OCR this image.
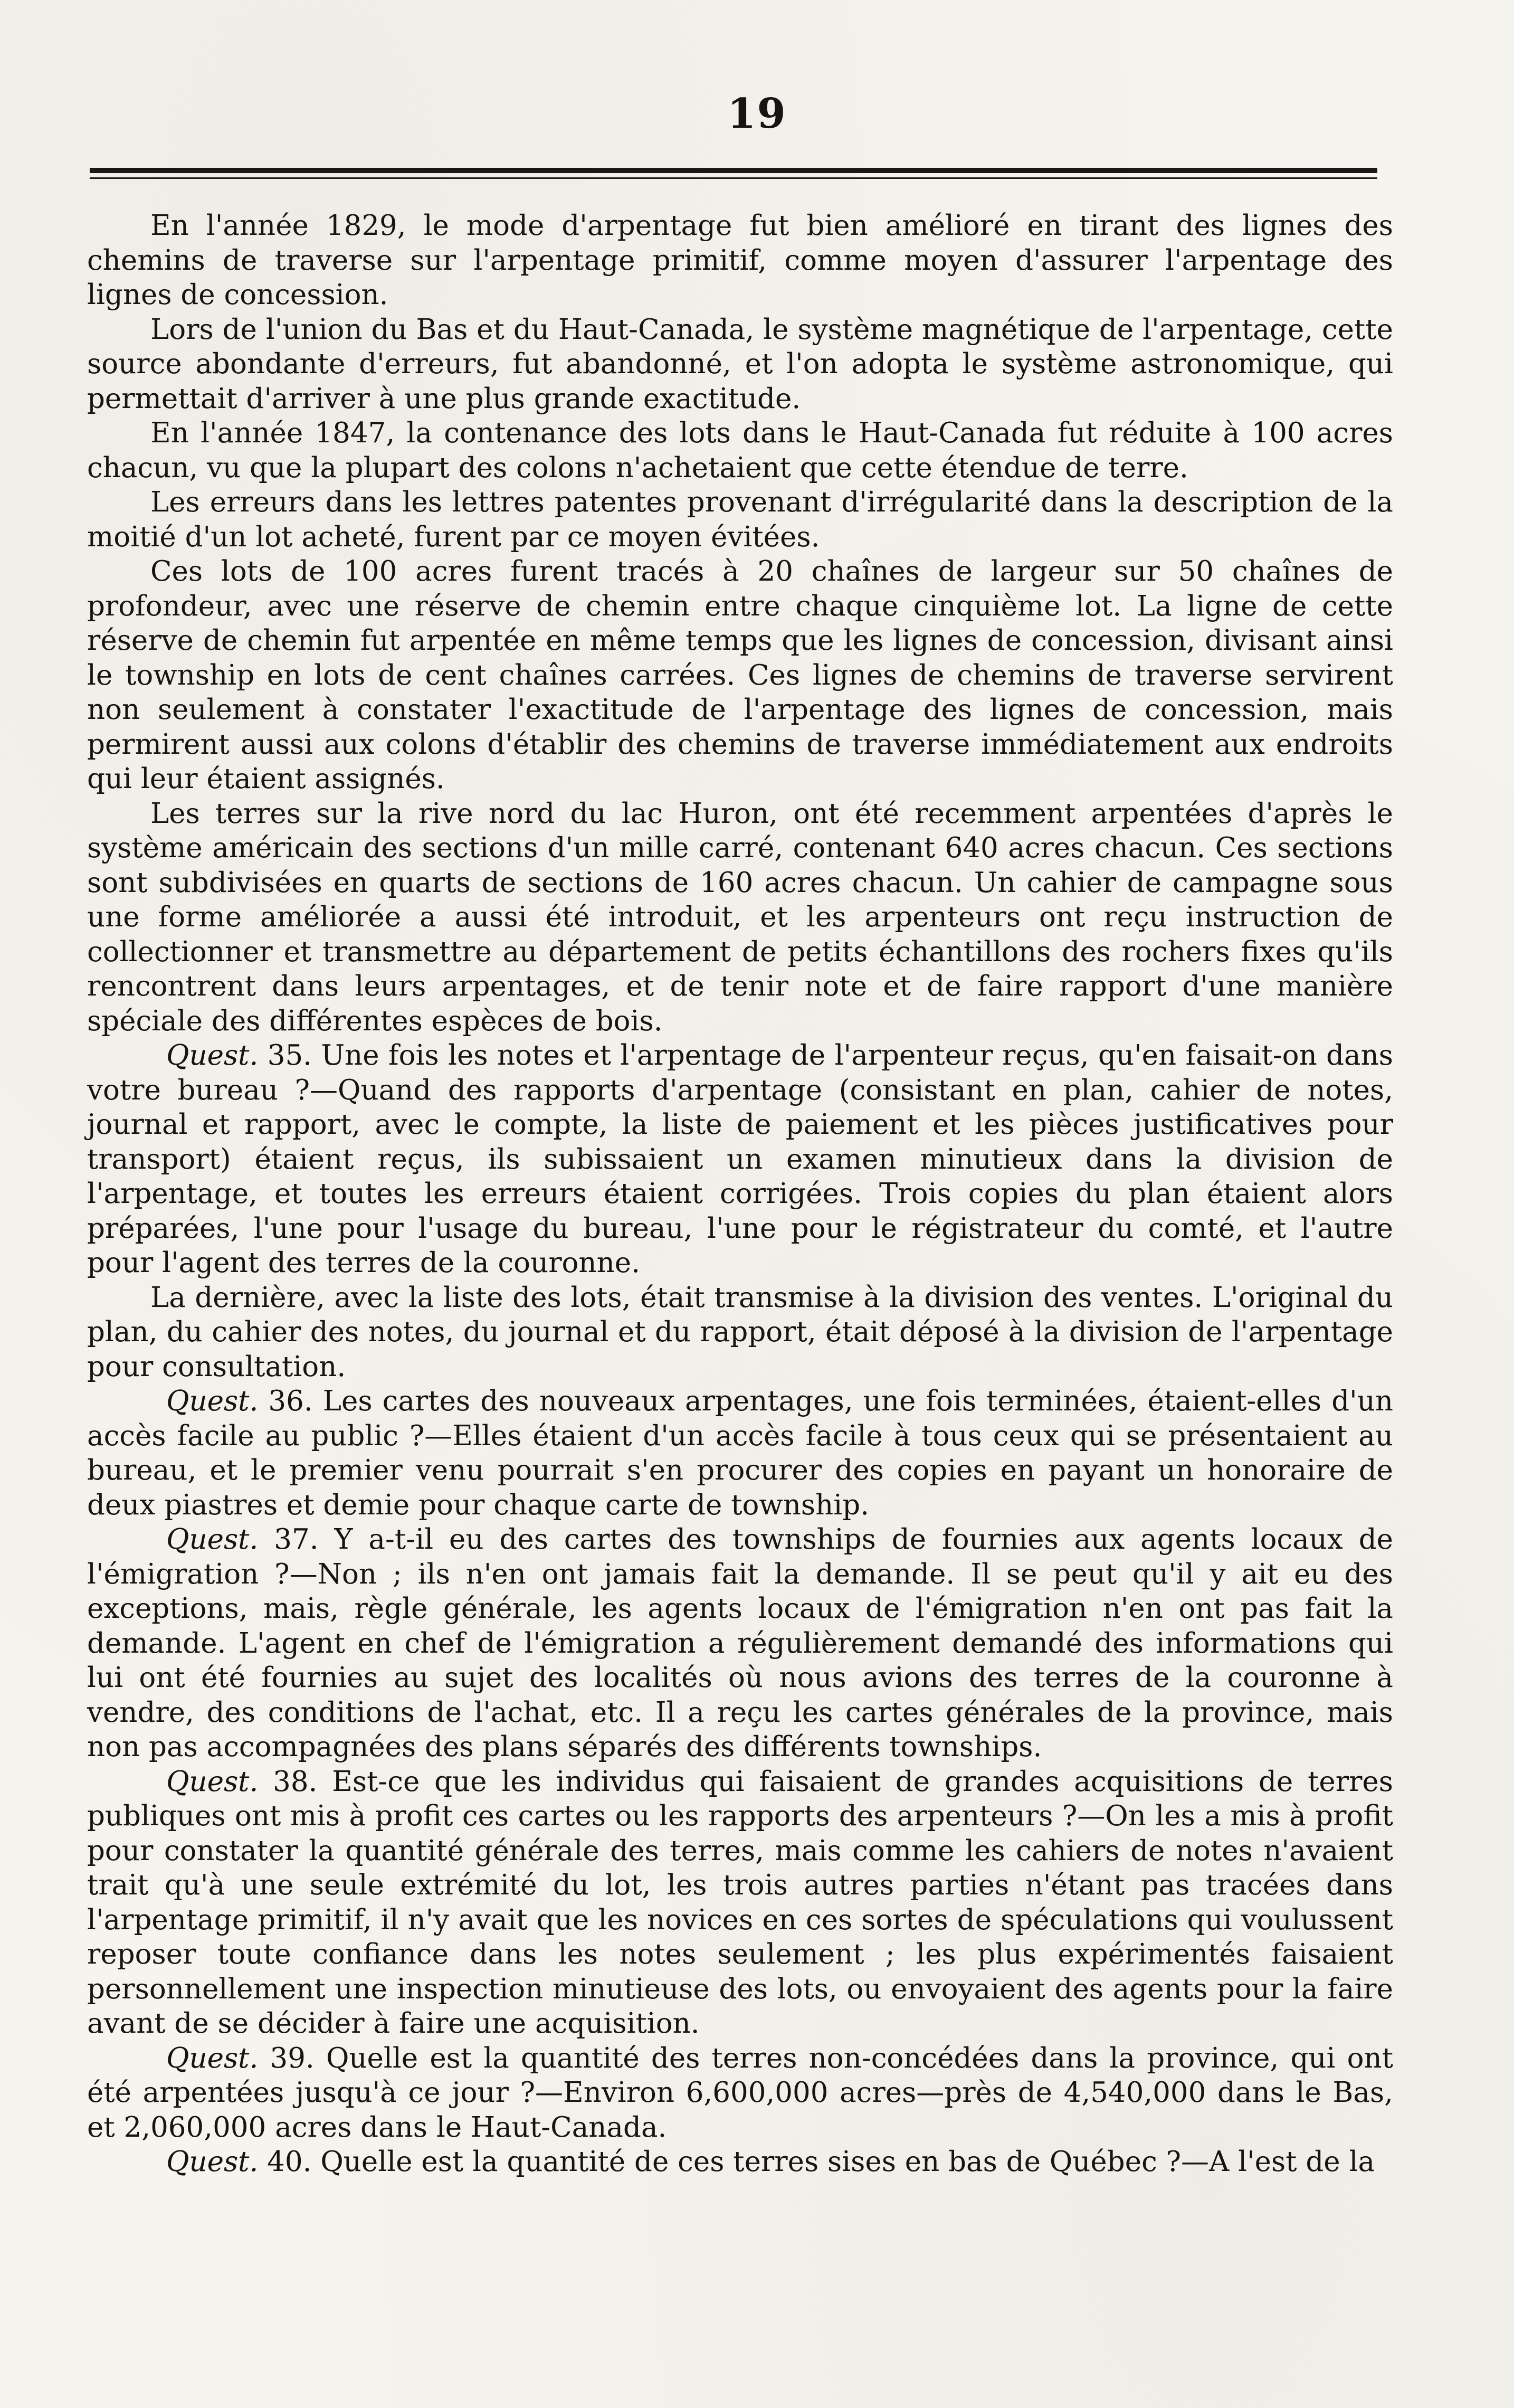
19

En l'année 1829, le mode d'arpentage fut bien amélioré en tirant des lignes des chemins de traverse sur l'arpentage primitif, comme moyen d'assurer l'arpentage des lignes de concession.

Lors de l'union du Bas et du Haut-Canada, le système magnétique de l'arpentage, cette source abondante d'erreurs, fut abandonné, et l'on adopta le système astronomique, qui permettait d'arriver à une plus grande exactitude.

En l'année 1847, la contenance des lots dans le Haut-Canada fut réduite à 100 acres chacun, vu que la plupart des colons n'achetaient que cette étendue de terre.

Les erreurs dans les lettres patentes provenant d'irrégularité dans la description de la moitié d'un lot acheté, furent par ce moyen évitées.

Ces lots de 100 acres furent tracés à 20 chaînes de largeur sur 50 chaînes de profondeur, avec une réserve de chemin entre chaque cinquième lot. La ligne de cette réserve de chemin fut arpentée en même temps que les lignes de concession, divisant ainsi le township en lots de cent chaînes carrées. Ces lignes de chemins de traverse servirent non seulement à constater l'exactitude de l'arpentage des lignes de concession, mais permirent aussi aux colons d'établir des chemins de traverse immédiatement aux endroits qui leur étaient assignés.

Les terres sur la rive nord du lac Huron, ont été recemment arpentées d'après le système américain des sections d'un mille carré, contenant 640 acres chacun. Ces sections sont subdivisées en quarts de sections de 160 acres chacun. Un cahier de campagne sous une forme améliorée a aussi été introduit, et les arpenteurs ont reçu instruction de collectionner et transmettre au département de petits échantillons des rochers fixes qu'ils rencontrent dans leurs arpentages, et de tenir note et de faire rapport d'une manière spéciale des différentes espèces de bois.

Quest. 35. Une fois les notes et l'arpentage de l'arpenteur reçus, qu'en faisait-on dans votre bureau ?—Quand des rapports d'arpentage (consistant en plan, cahier de notes, journal et rapport, avec le compte, la liste de paiement et les pièces justificatives pour transport) étaient reçus, ils subissaient un examen minutieux dans la division de l'arpentage, et toutes les erreurs étaient corrigées. Trois copies du plan étaient alors préparées, l'une pour l'usage du bureau, l'une pour le régistrateur du comté, et l'autre pour l'agent des terres de la couronne.

La dernière, avec la liste des lots, était transmise à la division des ventes. L'original du plan, du cahier des notes, du journal et du rapport, était déposé à la division de l'arpentage pour consultation.

Quest. 36. Les cartes des nouveaux arpentages, une fois terminées, étaient-elles d'un accès facile au public ?—Elles étaient d'un accès facile à tous ceux qui se présentaient au bureau, et le premier venu pourrait s'en procurer des copies en payant un honoraire de deux piastres et demie pour chaque carte de township.

Quest. 37. Y a-t-il eu des cartes des townships de fournies aux agents locaux de l'émigration ?—Non ; ils n'en ont jamais fait la demande. Il se peut qu'il y ait eu des exceptions, mais, règle générale, les agents locaux de l'émigration n'en ont pas fait la demande. L'agent en chef de l'émigration a régulièrement demandé des informations qui lui ont été fournies au sujet des localités où nous avions des terres de la couronne à vendre, des conditions de l'achat, etc. Il a reçu les cartes générales de la province, mais non pas accompagnées des plans séparés des différents townships.

Quest. 38. Est-ce que les individus qui faisaient de grandes acquisitions de terres publiques ont mis à profit ces cartes ou les rapports des arpenteurs ?—On les a mis à profit pour constater la quantité générale des terres, mais comme les cahiers de notes n'avaient trait qu'à une seule extrémité du lot, les trois autres parties n'étant pas tracées dans l'arpentage primitif, il n'y avait que les novices en ces sortes de spéculations qui voulussent reposer toute confiance dans les notes seulement ; les plus expérimentés faisaient personnellement une inspection minutieuse des lots, ou envoyaient des agents pour la faire avant de se décider à faire une acquisition.

Quest. 39. Quelle est la quantité des terres non-concédées dans la province, qui ont été arpentées jusqu'à ce jour ?—Environ 6,600,000 acres—près de 4,540,000 dans le Bas, et 2,060,000 acres dans le Haut-Canada.

Quest. 40. Quelle est la quantité de ces terres sises en bas de Québec ?—A l'est de la
